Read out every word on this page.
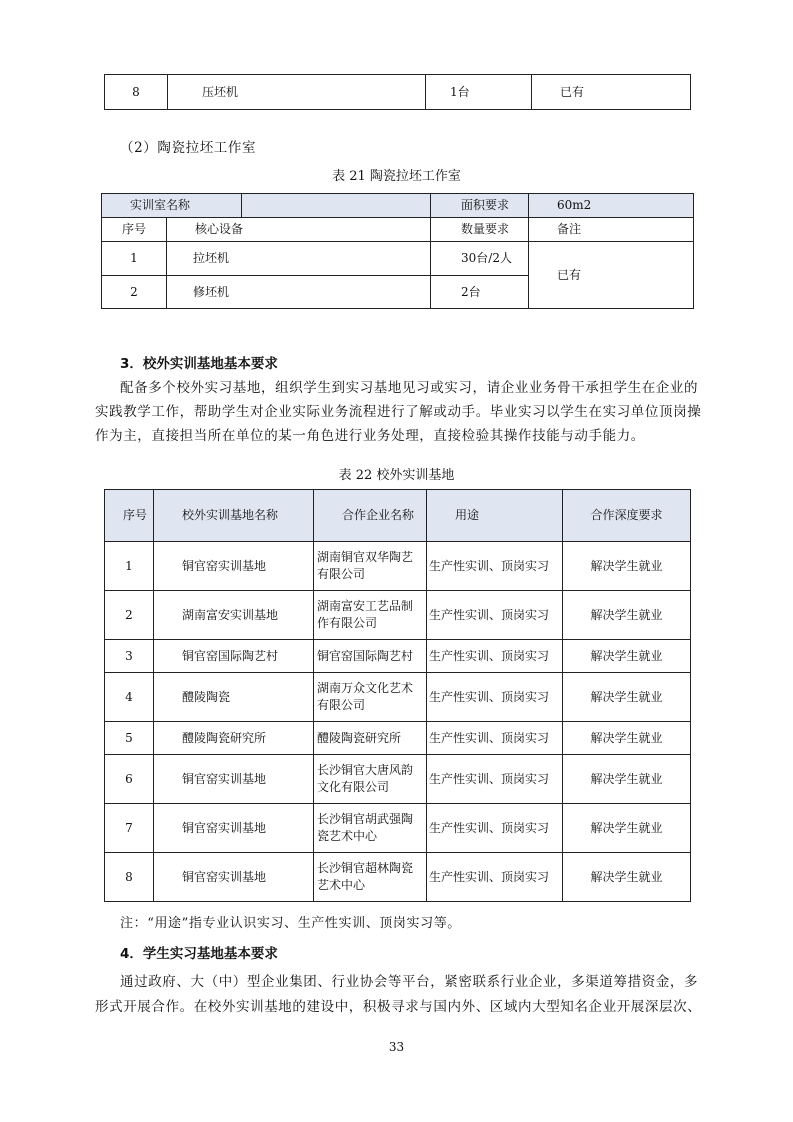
8	压坯机	1台	已有
（2）陶瓷拉坯工作室
表 21 陶瓷拉坯工作室
实训室名称			面积要求	60m2
序号	核心设备		数量要求	备注
1	拉坯机		30台/2人	已有
2	修坯机		2台	
3．校外实训基地基本要求
配备多个校外实习基地，组织学生到实习基地见习或实习，请企业业务骨干承担学生在企业的
实践教学工作，帮助学生对企业实际业务流程进行了解或动手。毕业实习以学生在实习单位顶岗操
作为主，直接担当所在单位的某一角色进行业务处理，直接检验其操作技能与动手能力。
表 22 校外实训基地
序号	校外实训基地名称	合作企业名称	用途	合作深度要求
1	铜官窑实训基地	湖南铜官双华陶艺有限公司	生产性实训、顶岗实习	解决学生就业
2	湖南富安实训基地	湖南富安工艺品制作有限公司	生产性实训、顶岗实习	解决学生就业
3	铜官窑国际陶艺村	铜官窑国际陶艺村	生产性实训、顶岗实习	解决学生就业
4	醴陵陶瓷	湖南万众文化艺术有限公司	生产性实训、顶岗实习	解决学生就业
5	醴陵陶瓷研究所	醴陵陶瓷研究所	生产性实训、顶岗实习	解决学生就业
6	铜官窑实训基地	长沙铜官大唐风韵文化有限公司	生产性实训、顶岗实习	解决学生就业
7	铜官窑实训基地	长沙铜官胡武强陶瓷艺术中心	生产性实训、顶岗实习	解决学生就业
8	铜官窑实训基地	长沙铜官超林陶瓷艺术中心	生产性实训、顶岗实习	解决学生就业
注：“用途”指专业认识实习、生产性实训、顶岗实习等。
4．学生实习基地基本要求
通过政府、大（中）型企业集团、行业协会等平台，紧密联系行业企业，多渠道筹措资金，多
形式开展合作。在校外实训基地的建设中，积极寻求与国内外、区域内大型知名企业开展深层次、
33
